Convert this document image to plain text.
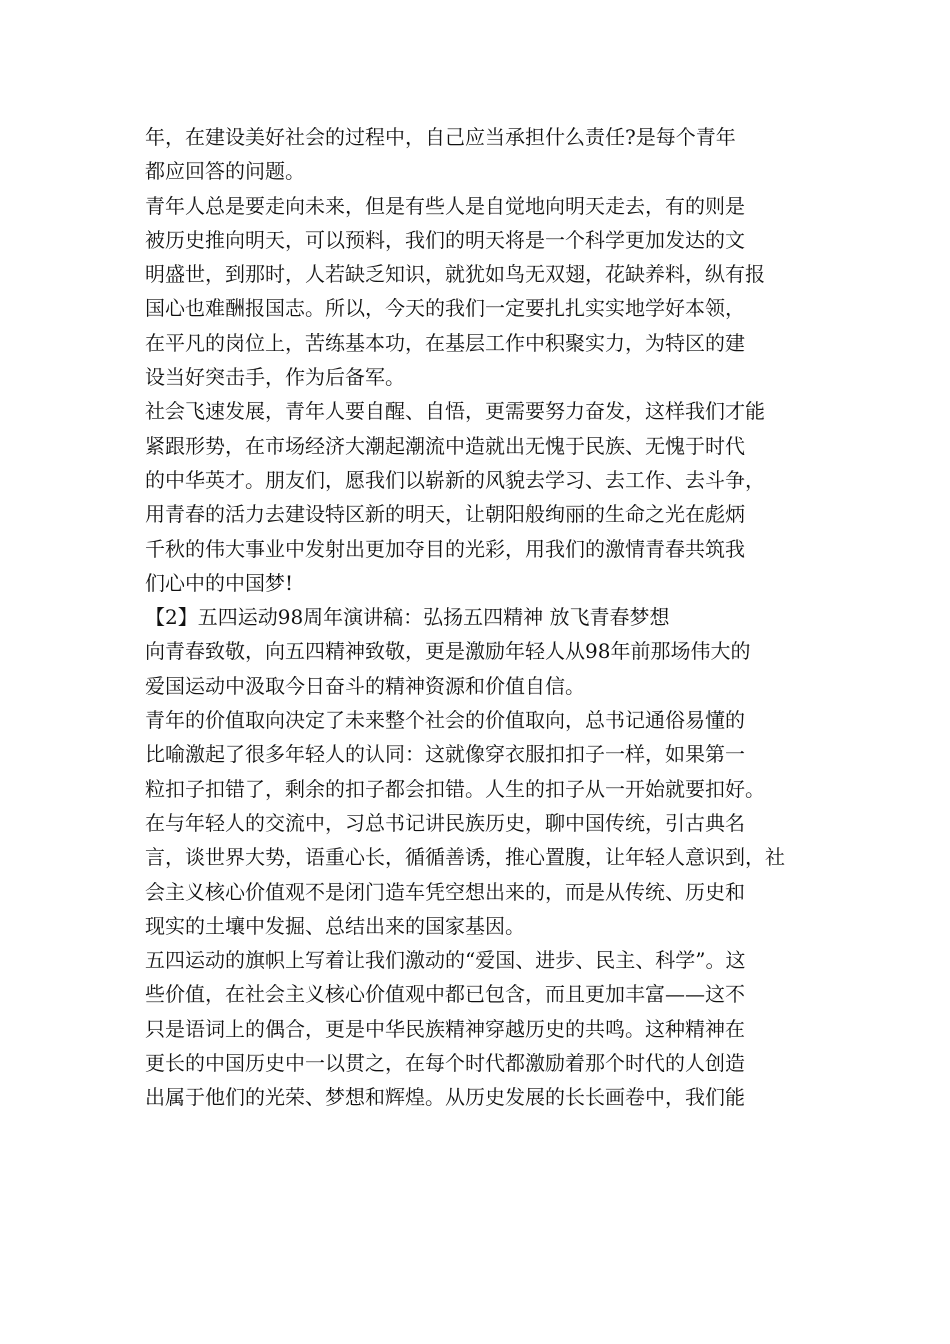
年，在建设美好社会的过程中，自己应当承担什么责任?是每个青年
都应回答的问题。
青年人总是要走向未来，但是有些人是自觉地向明天走去，有的则是
被历史推向明天，可以预料，我们的明天将是一个科学更加发达的文
明盛世，到那时，人若缺乏知识，就犹如鸟无双翅，花缺养料，纵有报
国心也难酬报国志。所以，今天的我们一定要扎扎实实地学好本领，
在平凡的岗位上，苦练基本功，在基层工作中积聚实力，为特区的建
设当好突击手，作为后备军。
社会飞速发展，青年人要自醒、自悟，更需要努力奋发，这样我们才能
紧跟形势，在市场经济大潮起潮流中造就出无愧于民族、无愧于时代
的中华英才。朋友们，愿我们以崭新的风貌去学习、去工作、去斗争，
用青春的活力去建设特区新的明天，让朝阳般绚丽的生命之光在彪炳
千秋的伟大事业中发射出更加夺目的光彩，用我们的激情青春共筑我
们心中的中国梦!
【2】五四运动98周年演讲稿：弘扬五四精神 放飞青春梦想
向青春致敬，向五四精神致敬，更是激励年轻人从98年前那场伟大的
爱国运动中汲取今日奋斗的精神资源和价值自信。
青年的价值取向决定了未来整个社会的价值取向，总书记通俗易懂的
比喻激起了很多年轻人的认同：这就像穿衣服扣扣子一样，如果第一
粒扣子扣错了，剩余的扣子都会扣错。人生的扣子从一开始就要扣好。
在与年轻人的交流中，习总书记讲民族历史，聊中国传统，引古典名
言，谈世界大势，语重心长，循循善诱，推心置腹，让年轻人意识到，社
会主义核心价值观不是闭门造车凭空想出来的，而是从传统、历史和
现实的土壤中发掘、总结出来的国家基因。
五四运动的旗帜上写着让我们激动的“爱国、进步、民主、科学”。这
些价值，在社会主义核心价值观中都已包含，而且更加丰富——这不
只是语词上的偶合，更是中华民族精神穿越历史的共鸣。这种精神在
更长的中国历史中一以贯之，在每个时代都激励着那个时代的人创造
出属于他们的光荣、梦想和辉煌。从历史发展的长长画卷中，我们能
